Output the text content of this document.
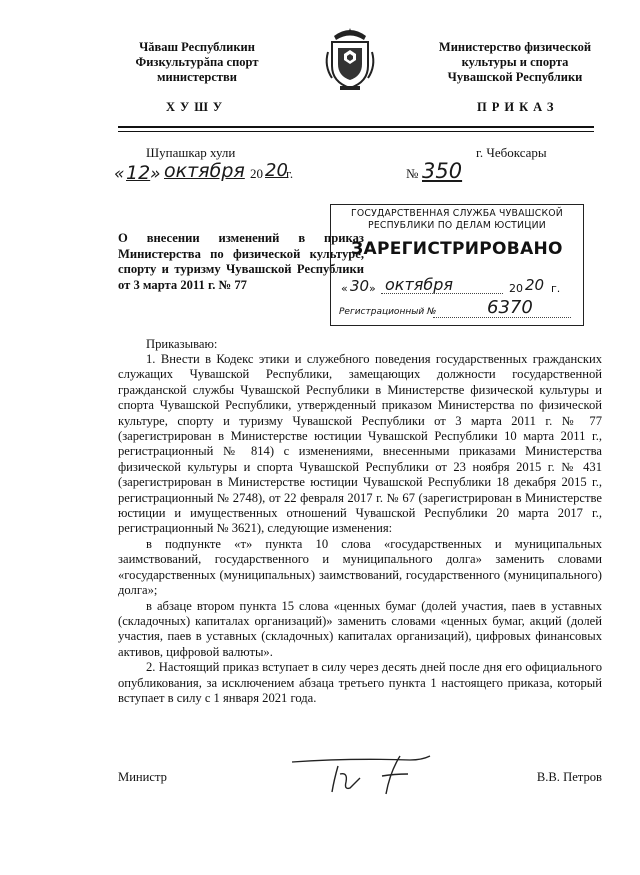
Чăваш Республикин
Физкультурăпа спорт
министерстви
ХУШУ
Министерство физической
культуры и спорта
Чувашской Республики
ПРИКАЗ
Шупашкар хули	г. Чебоксары
« 12 » октября 20 20
г.	№ 350
О внесении изменений в приказ Министерства по физической культуре, спорту и туризму Чувашской Республики от 3 марта 2011 г. № 77
ГОСУДАРСТВЕННАЯ СЛУЖБА ЧУВАШСКОЙ
РЕСПУБЛИКИ ПО ДЕЛАМ ЮСТИЦИИ
ЗАРЕГИСТРИРОВАНО
« 30 » октября	20 20 г.
Регистрационный №	6370
Приказываю:

1. Внести в Кодекс этики и служебного поведения государственных гражданских служащих Чувашской Республики, замещающих должности государственной гражданской службы Чувашской Республики в Министерстве физической культуры и спорта Чувашской Республики, утвержденный приказом Министерства по физической культуре, спорту и туризму Чувашской Республики от 3 марта 2011 г. № 77 (зарегистрирован в Министерстве юстиции Чувашской Республики 10 марта 2011 г., регистрационный № 814) с изменениями, внесенными приказами Министерства физической культуры и спорта Чувашской Республики от 23 ноября 2015 г. № 431 (зарегистрирован в Министерстве юстиции Чувашской Республики 18 декабря 2015 г., регистрационный № 2748), от 22 февраля 2017 г. № 67 (зарегистрирован в Министерстве юстиции и имущественных отношений Чувашской Республики 20 марта 2017 г., регистрационный № 3621), следующие изменения:

в подпункте «т» пункта 10 слова «государственных и муниципальных заимствований, государственного и муниципального долга» заменить словами «государственных (муниципальных) заимствований, государственного (муниципального) долга»;

в абзаце втором пункта 15 слова «ценных бумаг (долей участия, паев в уставных (складочных) капиталах организаций)» заменить словами «ценных бумаг, акций (долей участия, паев в уставных (складочных) капиталах организаций), цифровых финансовых активов, цифровой валюты».

2. Настоящий приказ вступает в силу через десять дней после дня его официального опубликования, за исключением абзаца третьего пункта 1 настоящего приказа, который вступает в силу с 1 января 2021 года.

Министр	В.В. Петров
